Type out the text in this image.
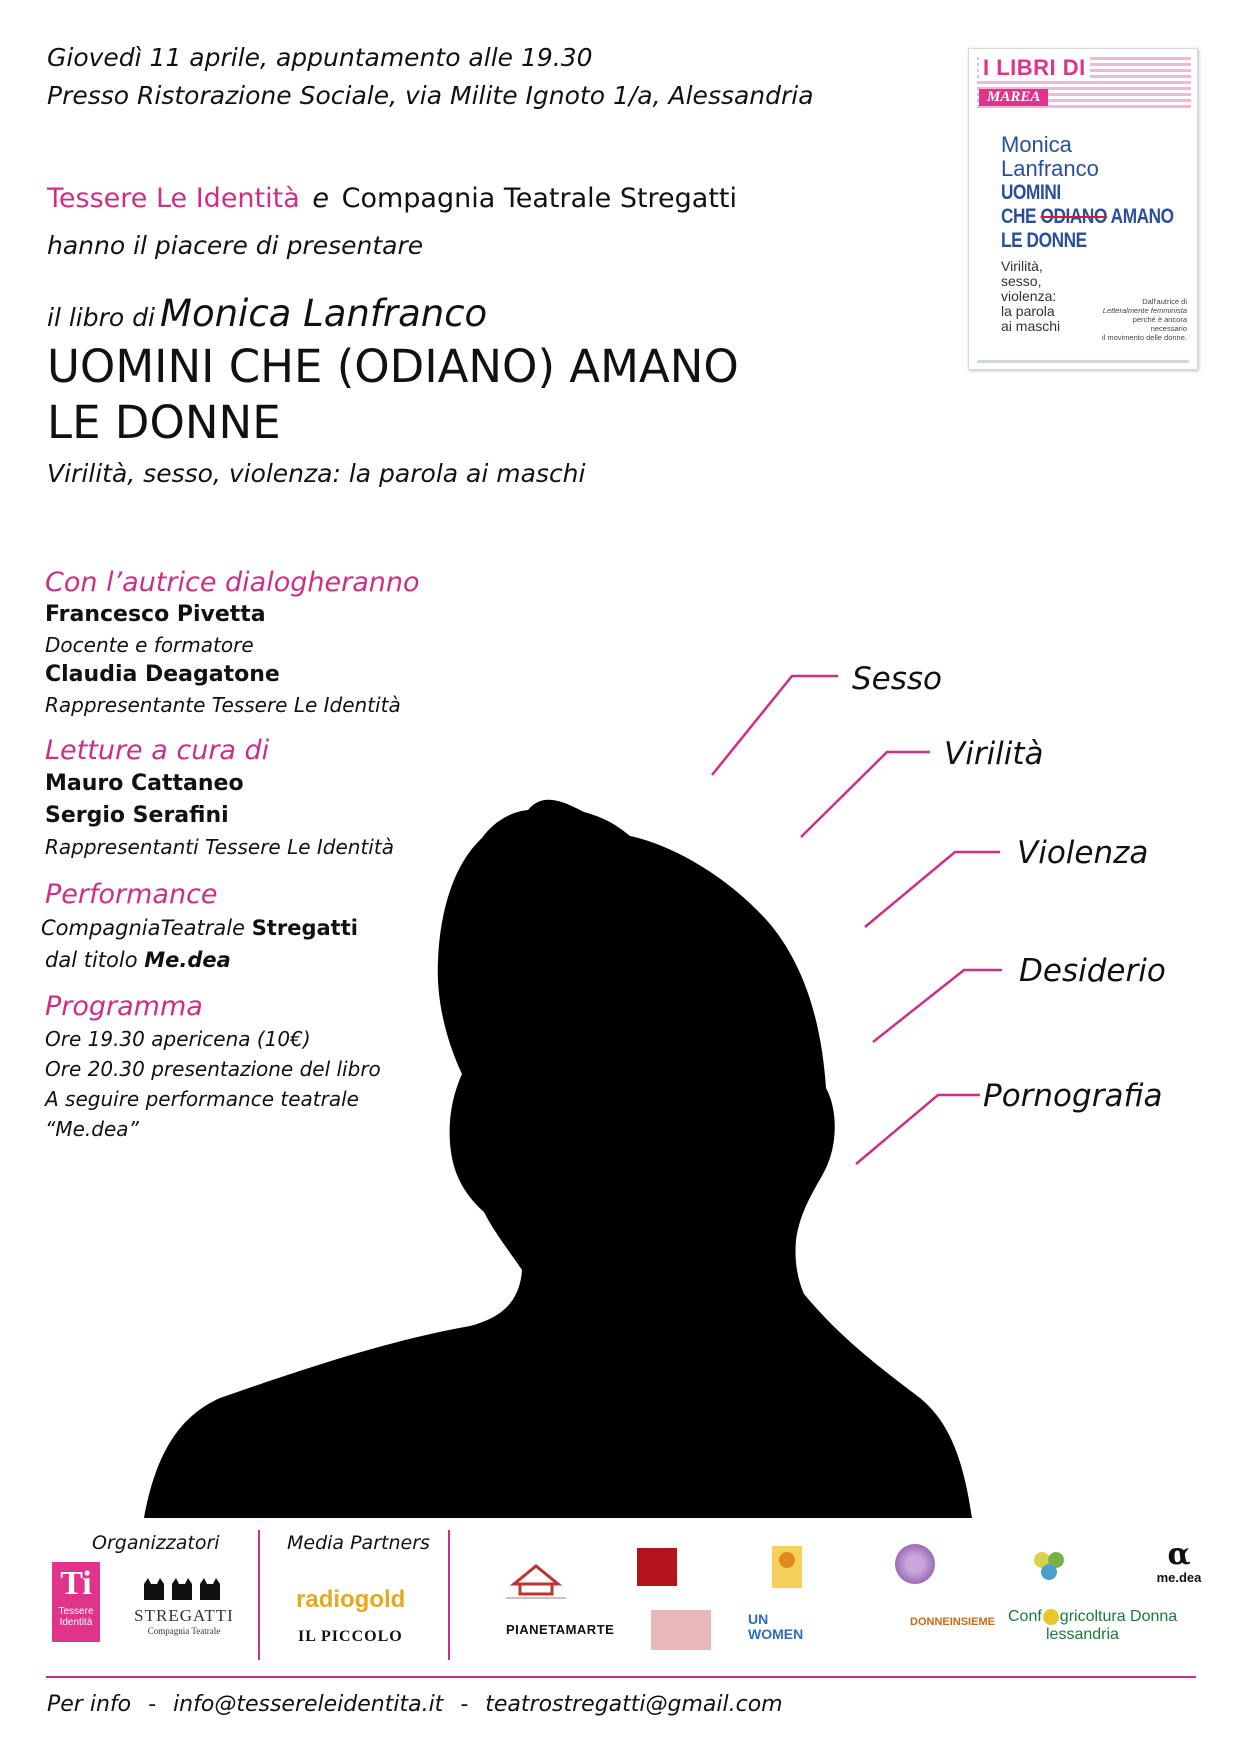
Giovedì 11 aprile, appuntamento alle 19.30
Presso Ristorazione Sociale, via Milite Ignoto 1/a, Alessandria
Tessere Le Identità e Compagnia Teatrale Stregatti
hanno il piacere di presentare
il libro di Monica Lanfranco
UOMINI CHE (ODIANO) AMANO
LE DONNE
Virilità, sesso, violenza: la parola ai maschi
I LIBRI DI
MAREA
Monica
Lanfranco
UOMINI
CHE ODIANO AMANO
LE DONNE
Virilità,
sesso,
violenza:
la parola
ai maschi
Dall'autrice di
Letteralmente femminista
perché è ancora
necessario
il movimento delle donne.
Sesso
Virilità
Violenza
Desiderio
Pornografia
Con l’autrice dialogheranno
Francesco Pivetta
Docente e formatore
Claudia Deagatone
Rappresentante Tessere Le Identità
Letture a cura di
Mauro Cattaneo
Sergio Serafini
Rappresentanti Tessere Le Identità
Performance
CompagniaTeatrale Stregatti
dal titolo Me.dea
Programma
Ore 19.30 apericena (10€)
Ore 20.30 presentazione del libro
A seguire performance teatrale
“Me.dea”
Organizzatori	Media Partners
Ti
Tessere
Identità	STREGATTI
Compagnia Teatrale
radiogold
IL PICCOLO
α
me.dea
PIANETAMARTE
UN
WOMEN
DONNEINSIEME Conf gricoltura Donna
lessandria
Per info - info@tessereleidentita.it - teatrostregatti@gmail.com
